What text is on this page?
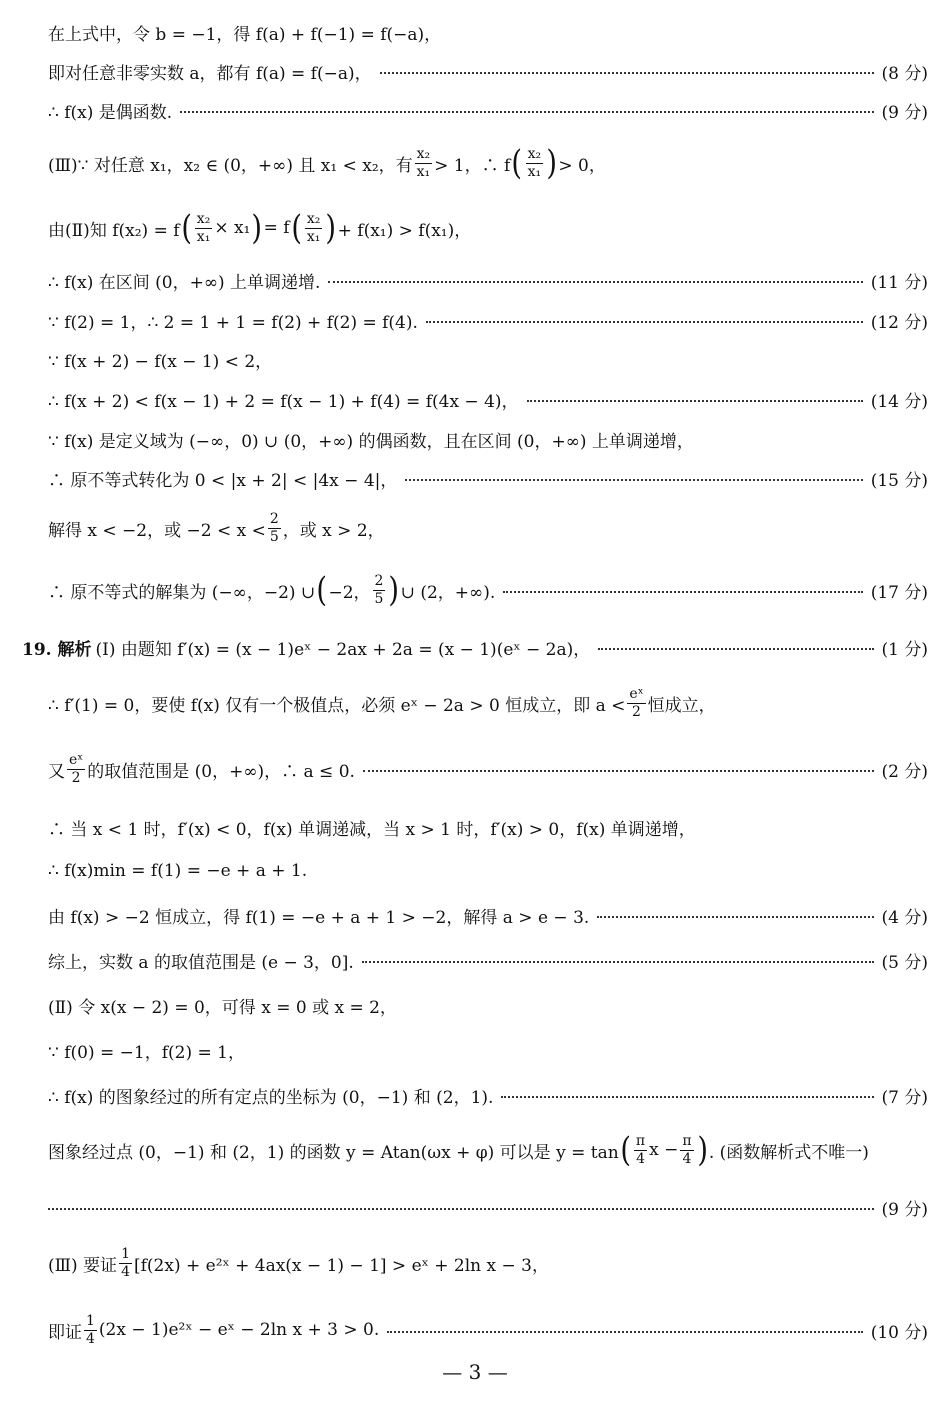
在上式中，令 b = −1，得 f(a) + f(−1) = f(−a)，
即对任意非零实数 a，都有 f(a) = f(−a)，	(8 分)
∴ f(x) 是偶函数.	(9 分)
(Ⅲ)∵ 对任意 x₁，x₂ ∈ (0，+∞) 且 x₁ < x₂，有 $\frac{\text{x₂}}{\text{x₁}} > 1$，∴ f ( $\frac{\text{x₂}}{\text{x₁}}$ ) > 0，
由(Ⅱ)知 f(x₂) = f ( $\frac{\text{x₂}}{\text{x₁}} \times x_1$ ) = f ( $\frac{\text{x₂}}{\text{x₁}}$ ) + f(x₁) > f(x₁)，
∴ f(x) 在区间 (0，+∞) 上单调递增.	(11 分)
∵ f(2) = 1，∴ 2 = 1 + 1 = f(2) + f(2) = f(4).	(12 分)
∵ f(x + 2) − f(x − 1) < 2，
∴ f(x + 2) < f(x − 1) + 2 = f(x − 1) + f(4) = f(4x − 4)，	(14 分)
∵ f(x) 是定义域为 (−∞，0) ∪ (0，+∞) 的偶函数，且在区间 (0，+∞) 上单调递增，
∴ 原不等式转化为 0 < |x + 2| < |4x − 4|，	(15 分)
解得 x < −2，或 $-2 < x < \frac{2}{5}$ ，或 x > 2，
∴ 原不等式的解集为 (−∞，−2) ∪ ( −2， $\frac{2}{5}$ ) ∪ (2，+∞).	(17 分)
19. 解析 (Ⅰ) 由题知 f′(x) = (x − 1)eˣ − 2ax + 2a = (x − 1)(eˣ − 2a)，	(1 分)
∴ f′(1) = 0，要使 f(x) 仅有一个极值点，必须 eˣ − 2a > 0 恒成立，即 $a < \frac{\text{eˣ}}{2}$ 恒成立，
又 $\frac{\text{eˣ}}{2}$ 的取值范围是 (0，+∞)，∴ a ≤ 0.	(2 分)
∴ 当 x < 1 时，f′(x) < 0，f(x) 单调递减，当 x > 1 时，f′(x) > 0，f(x) 单调递增，
∴ f(x)min = f(1) = −e + a + 1.
由 f(x) > −2 恒成立，得 f(1) = −e + a + 1 > −2，解得 a > e − 3.	(4 分)
综上，实数 a 的取值范围是 (e − 3，0].	(5 分)
(Ⅱ) 令 x(x − 2) = 0，可得 x = 0 或 x = 2，
∵ f(0) = −1，f(2) = 1，
∴ f(x) 的图象经过的所有定点的坐标为 (0，−1) 和 (2，1).	(7 分)
图象经过点 (0，−1) 和 (2，1) 的函数 y = Atan(ωx + φ) 可以是 y = tan ( $\frac{\pi}{4}$ $x - \frac{\pi}{4}$ ) . (函数解析式不唯一)
(9 分)
(Ⅲ) 要证 $\frac{1}{4} [f(2x)$ + e²ˣ + 4ax(x − 1) − 1] > eˣ + 2ln x − 3，
即证 $\frac{1}{4} (2x$ − 1)e²ˣ − eˣ − 2ln x + 3 > 0.	(10 分)
— 3 —
